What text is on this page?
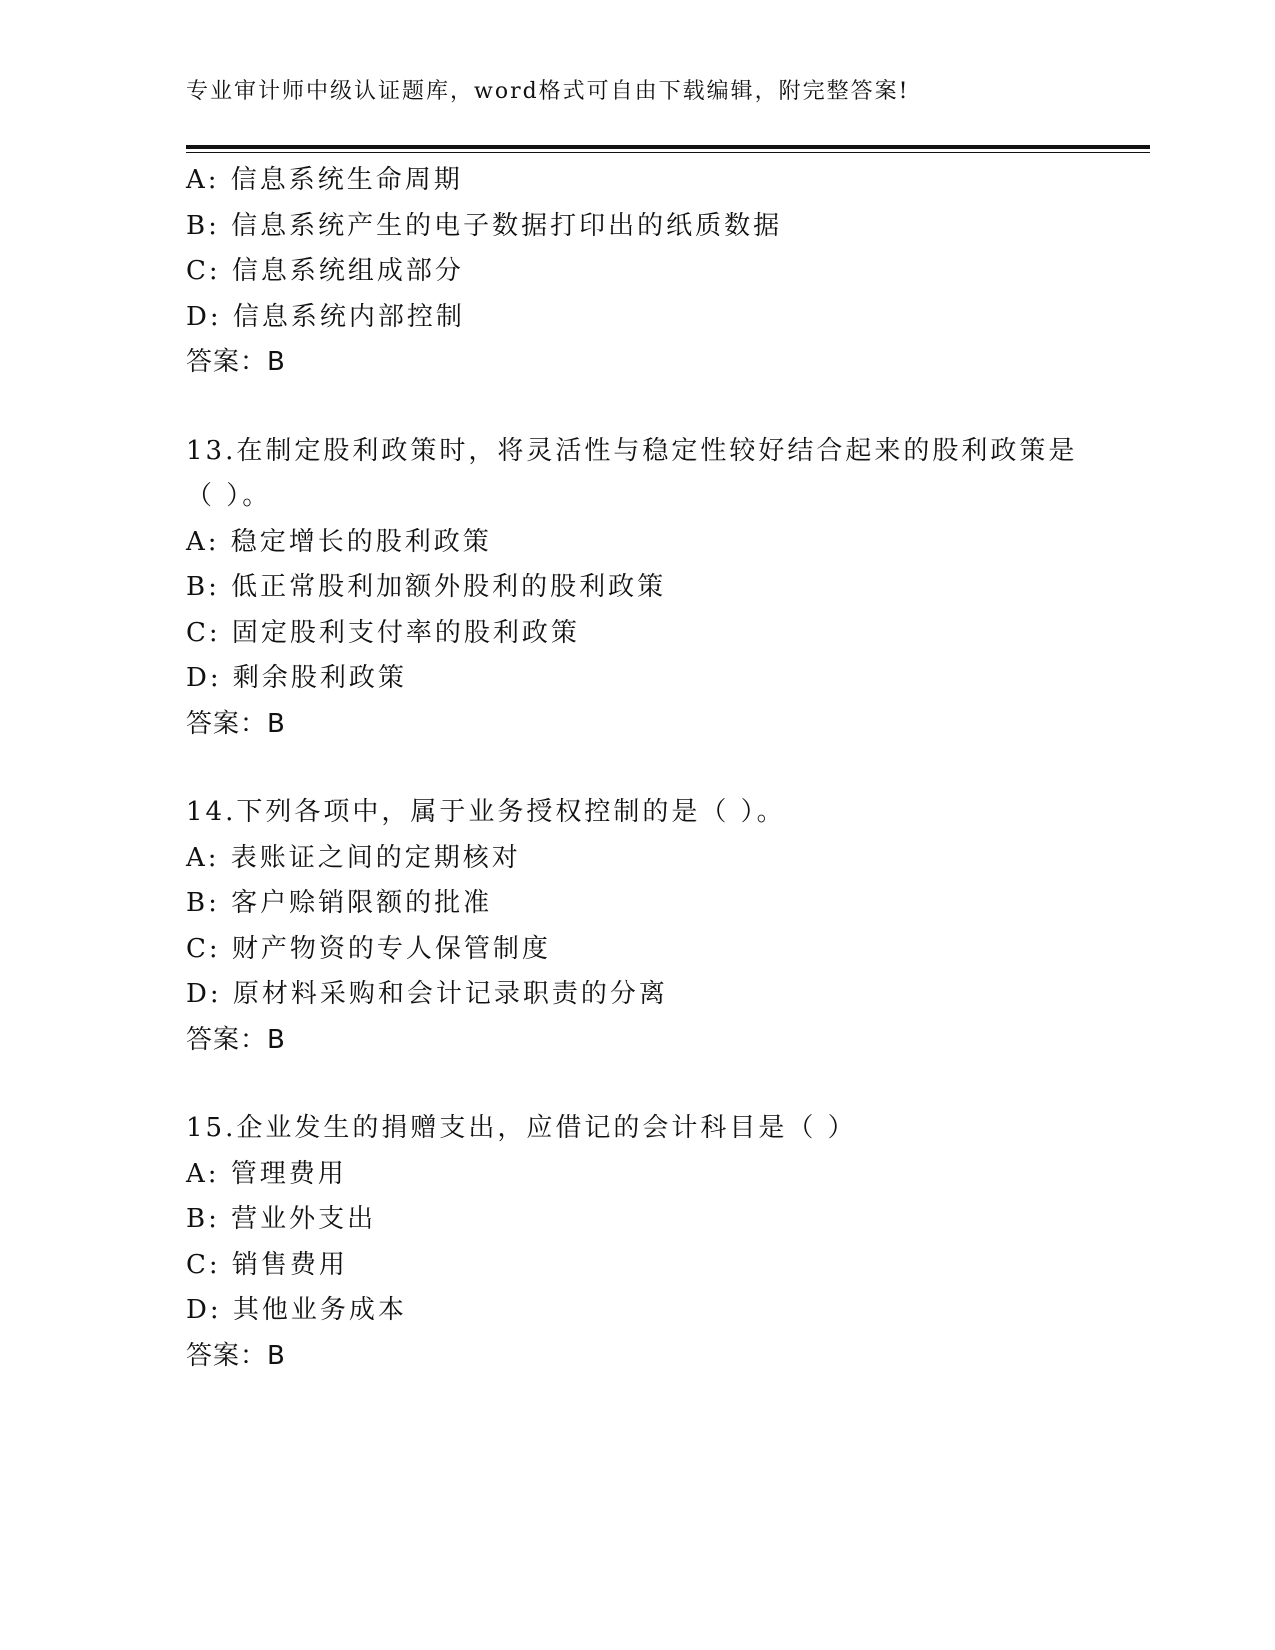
专业审计师中级认证题库，word格式可自由下载编辑，附完整答案!
A: 信息系统生命周期
B: 信息系统产生的电子数据打印出的纸质数据
C: 信息系统组成部分
D: 信息系统内部控制
答案：B
13.在制定股利政策时，将灵活性与稳定性较好结合起来的股利政策是
（ ）。
A: 稳定增长的股利政策
B: 低正常股利加额外股利的股利政策
C: 固定股利支付率的股利政策
D: 剩余股利政策
答案：B
14.下列各项中，属于业务授权控制的是（ ）。
A: 表账证之间的定期核对
B: 客户赊销限额的批准
C: 财产物资的专人保管制度
D: 原材料采购和会计记录职责的分离
答案：B
15.企业发生的捐赠支出，应借记的会计科目是（ ）
A: 管理费用
B: 营业外支出
C: 销售费用
D: 其他业务成本
答案：B
